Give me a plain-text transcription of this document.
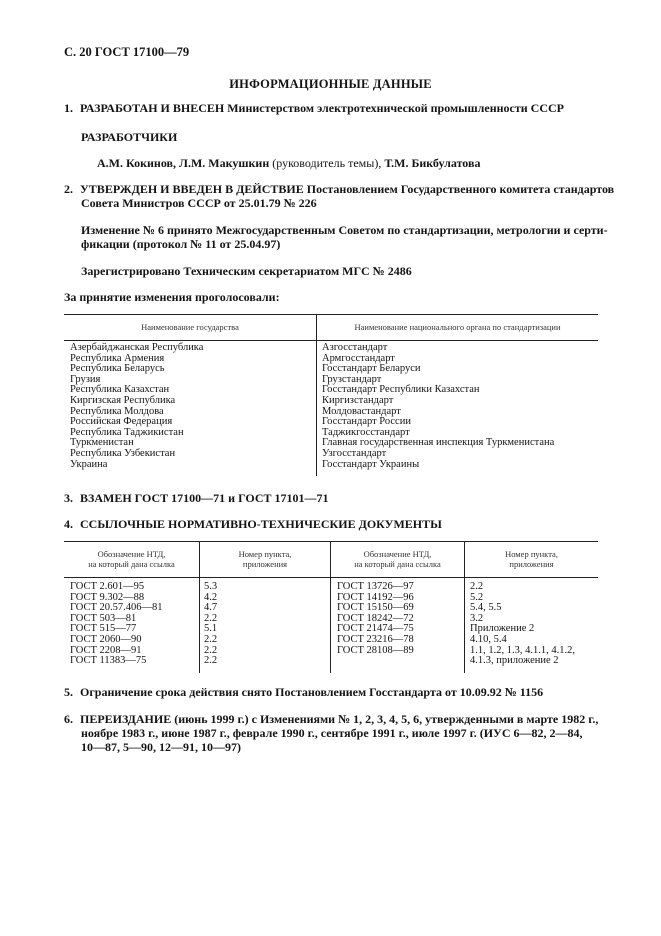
С. 20 ГОСТ 17100—79
ИНФОРМАЦИОННЫЕ ДАННЫЕ
1. РАЗРАБОТАН И ВНЕСЕН Министерством электротехнической промышленности СССР
РАЗРАБОТЧИКИ
А.М. Кокинов, Л.М. Макушкин (руководитель темы), Т.М. Бикбулатова
2. УТВЕРЖДЕН И ВВЕДЕН В ДЕЙСТВИЕ Постановлением Государственного комитета стандартов
Совета Министров СССР от 25.01.79 № 226
Изменение № 6 принято Межгосударственным Советом по стандартизации, метрологии и серти-
фикации (протокол № 11 от 25.04.97)
Зарегистрировано Техническим секретариатом МГС № 2486
За принятие изменения проголосовали:
Наименование государства	Наименование национального органа по стандартизации
Азербайджанская Республика
Республика Армения
Республика Беларусь
Грузия
Республика Казахстан
Киргизская Республика
Республика Молдова
Российская Федерация
Республика Таджикистан
Туркменистан
Республика Узбекистан
Украина
Азгосстандарт
Армгосстандарт
Госстандарт Беларуси
Грузстандарт
Госстандарт Республики Казахстан
Киргизстандарт
Молдовастандарт
Госстандарт России
Таджикгосстандарт
Главная государственная инспекция Туркменистана
Узгосстандарт
Госстандарт Украины
3. ВЗАМЕН ГОСТ 17100—71 и ГОСТ 17101—71
4. ССЫЛОЧНЫЕ НОРМАТИВНО-ТЕХНИЧЕСКИЕ ДОКУМЕНТЫ
Обозначение НТД,
на который дана ссылка
Номер пункта,
приложения
Обозначение НТД,
на который дана ссылка
Номер пункта,
приложения
ГОСТ 2.601—95
ГОСТ 9.302—88
ГОСТ 20.57.406—81
ГОСТ 503—81
ГОСТ 515—77
ГОСТ 2060—90
ГОСТ 2208—91
ГОСТ 11383—75
5.3
4.2
4.7
2.2
5.1
2.2
2.2
2.2
ГОСТ 13726—97
ГОСТ 14192—96
ГОСТ 15150—69
ГОСТ 18242—72
ГОСТ 21474—75
ГОСТ 23216—78
ГОСТ 28108—89
2.2
5.2
5.4, 5.5
3.2
Приложение 2
4.10, 5.4
1.1, 1.2, 1.3, 4.1.1, 4.1.2,
4.1.3, приложение 2
5. Ограничение срока действия снято Постановлением Госстандарта от 10.09.92 № 1156
6. ПЕРЕИЗДАНИЕ (июнь 1999 г.) с Изменениями № 1, 2, 3, 4, 5, 6, утвержденными в марте 1982 г.,
ноябре 1983 г., июне 1987 г., феврале 1990 г., сентябре 1991 г., июле 1997 г. (ИУС 6—82, 2—84,
10—87, 5—90, 12—91, 10—97)
